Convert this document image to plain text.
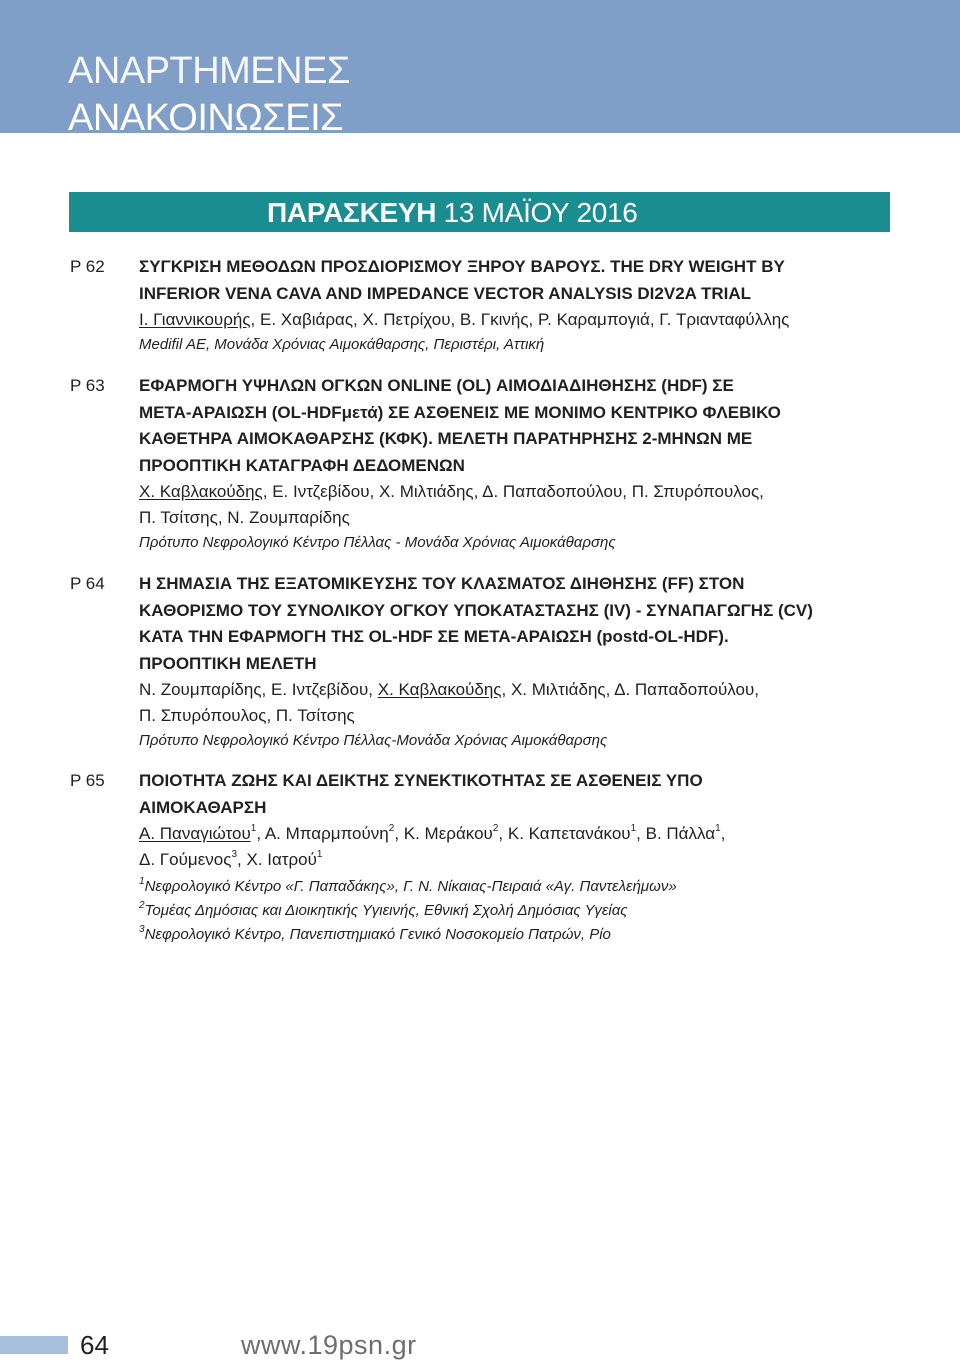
ΑΝΑΡΤΗΜΕΝΕΣ
ΑΝΑΚΟΙΝΩΣΕΙΣ
ΠΑΡΑΣΚΕΥΗ 13 ΜΑΪΟΥ 2016
P 62 ΣΥΓΚΡΙΣΗ ΜΕΘΟΔΩΝ ΠΡΟΣΔΙΟΡΙΣΜΟΥ ΞΗΡΟΥ ΒΑΡΟΥΣ. THE DRY WEIGHT BY
INFERIOR VENA CAVA AND IMPEDANCE VECTOR ANALYSIS DI2V2A TRIAL
Ι. Γιαννικουρής, Ε. Χαβιάρας, Χ. Πετρίχου, Β. Γκινής, Ρ. Καραμπογιά, Γ. Τριανταφύλλης
Medifil AE, Μονάδα Χρόνιας Αιμοκάθαρσης, Περιστέρι, Αττική
P 63 ΕΦΑΡΜΟΓΗ ΥΨΗΛΩΝ ΟΓΚΩΝ ONLINE (OL) ΑΙΜΟΔΙΑΔΙΗΘΗΣΗΣ (HDF) ΣΕ
ΜΕΤΑ-ΑΡΑΙΩΣΗ (OL-HDFμετά) ΣΕ ΑΣΘΕΝΕΙΣ ΜΕ ΜΟΝΙΜΟ ΚΕΝΤΡΙΚΟ ΦΛΕΒΙΚΟ
ΚΑΘΕΤΗΡΑ ΑΙΜΟΚΑΘΑΡΣΗΣ (ΚΦΚ). ΜΕΛΕΤΗ ΠΑΡΑΤΗΡΗΣΗΣ 2-ΜΗΝΩΝ ΜΕ
ΠΡΟΟΠΤΙΚΗ ΚΑΤΑΓΡΑΦΗ ΔΕΔΟΜΕΝΩΝ
Χ. Καβλακούδης, Ε. Ιντζεβίδου, Χ. Μιλτιάδης, Δ. Παπαδοπούλου, Π. Σπυρόπουλος,
Π. Τσίτσης, Ν. Ζουμπαρίδης
Πρότυπο Νεφρολογικό Κέντρο Πέλλας - Μονάδα Χρόνιας Αιμοκάθαρσης
P 64 Η ΣΗΜΑΣΙΑ ΤΗΣ ΕΞΑΤΟΜΙΚΕΥΣΗΣ ΤΟΥ ΚΛΑΣΜΑΤΟΣ ΔΙΗΘΗΣΗΣ (FF) ΣΤΟΝ
ΚΑΘΟΡΙΣΜΟ ΤΟΥ ΣΥΝΟΛΙΚΟΥ ΟΓΚΟΥ ΥΠΟΚΑΤΑΣΤΑΣΗΣ (IV) - ΣΥΝΑΠΑΓΩΓΗΣ (CV)
ΚΑΤΑ ΤΗΝ ΕΦΑΡΜΟΓΗ ΤΗΣ OL-HDF ΣΕ ΜΕΤΑ-ΑΡΑΙΩΣΗ (postd-OL-HDF).
ΠΡΟΟΠΤΙΚΗ ΜΕΛΕΤΗ
Ν. Ζουμπαρίδης, Ε. Ιντζεβίδου, Χ. Καβλακούδης, Χ. Μιλτιάδης, Δ. Παπαδοπούλου,
Π. Σπυρόπουλος, Π. Τσίτσης
Πρότυπο Νεφρολογικό Κέντρο Πέλλας-Μονάδα Χρόνιας Αιμοκάθαρσης
P 65 ΠΟΙΟΤΗΤΑ ΖΩΗΣ ΚΑΙ ΔΕΙΚΤΗΣ ΣΥΝΕΚΤΙΚΟΤΗΤΑΣ ΣΕ ΑΣΘΕΝΕΙΣ ΥΠΟ
ΑΙΜΟΚΑΘΑΡΣΗ
Α. Παναγιώτου$^1$, Α. Μπαρμπούνη$^2$, Κ. Μεράκου$^2$, Κ. Καπετανάκου$^1$, Β. Πάλλα$^1$,
Δ. Γούμενος$^3$, Χ. Ιατρού$^1$
$^1$Νεφρολογικό Κέντρο «Γ. Παπαδάκης», Γ. Ν. Νίκαιας-Πειραιά «Αγ. Παντελεήμων»
$^2$Τομέας Δημόσιας και Διοικητικής Υγιεινής, Εθνική Σχολή Δημόσιας Υγείας
$^3$Νεφρολογικό Κέντρο, Πανεπιστημιακό Γενικό Νοσοκομείο Πατρών, Ρίο
64	www.19psn.gr
